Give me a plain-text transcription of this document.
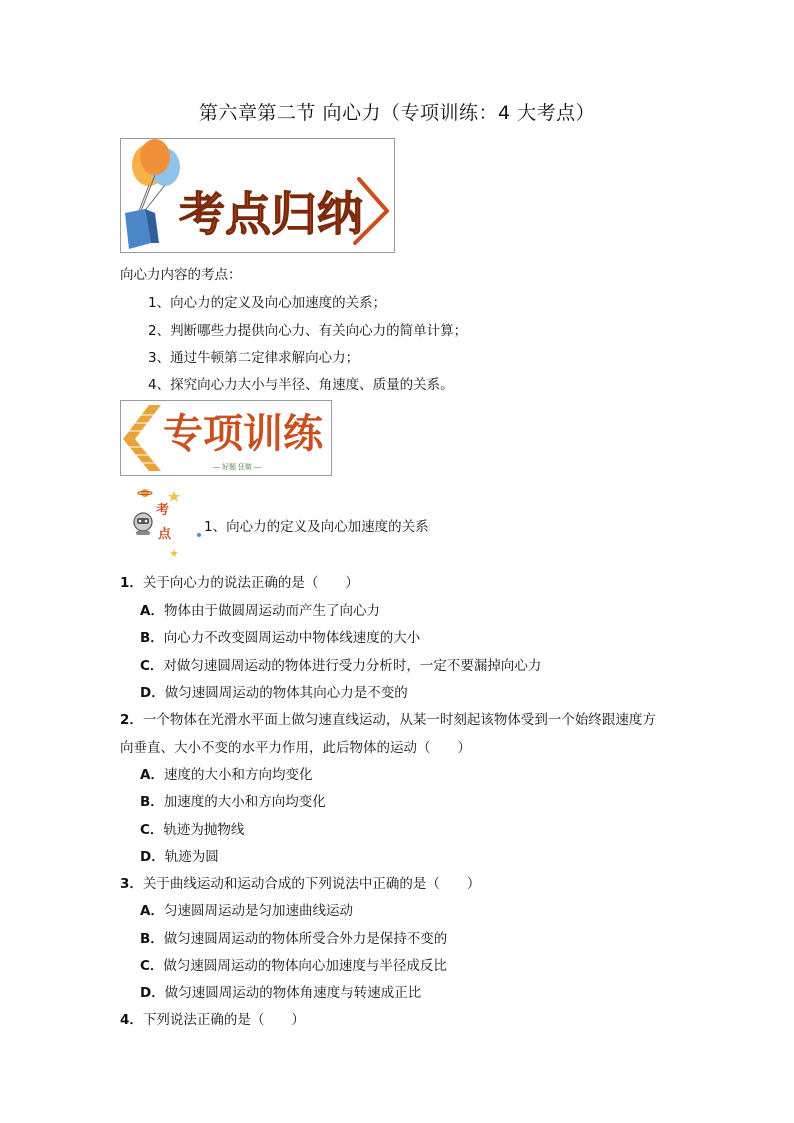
第六章第二节 向心力（专项训练：4 大考点）
考点归纳
向心力内容的考点：
1、向心力的定义及向心加速度的关系；
2、判断哪些力提供向心力、有关向心力的简单计算；
3、通过牛顿第二定律求解向心力；
4、探究向心力大小与半径、角速度、质量的关系。
专项训练
— 好题 狂做 —
考
点 1、向心力的定义及向心加速度的关系
1．关于向心力的说法正确的是（　　）
A．物体由于做圆周运动而产生了向心力
B．向心力不改变圆周运动中物体线速度的大小
C．对做匀速圆周运动的物体进行受力分析时，一定不要漏掉向心力
D．做匀速圆周运动的物体其向心力是不变的
2．一个物体在光滑水平面上做匀速直线运动，从某一时刻起该物体受到一个始终跟速度方
向垂直、大小不变的水平力作用，此后物体的运动（　　）
A．速度的大小和方向均变化
B．加速度的大小和方向均变化
C．轨迹为抛物线
D．轨迹为圆
3．关于曲线运动和运动合成的下列说法中正确的是（　　）
A．匀速圆周运动是匀加速曲线运动
B．做匀速圆周运动的物体所受合外力是保持不变的
C．做匀速圆周运动的物体向心加速度与半径成反比
D．做匀速圆周运动的物体角速度与转速成正比
4．下列说法正确的是（　　）
